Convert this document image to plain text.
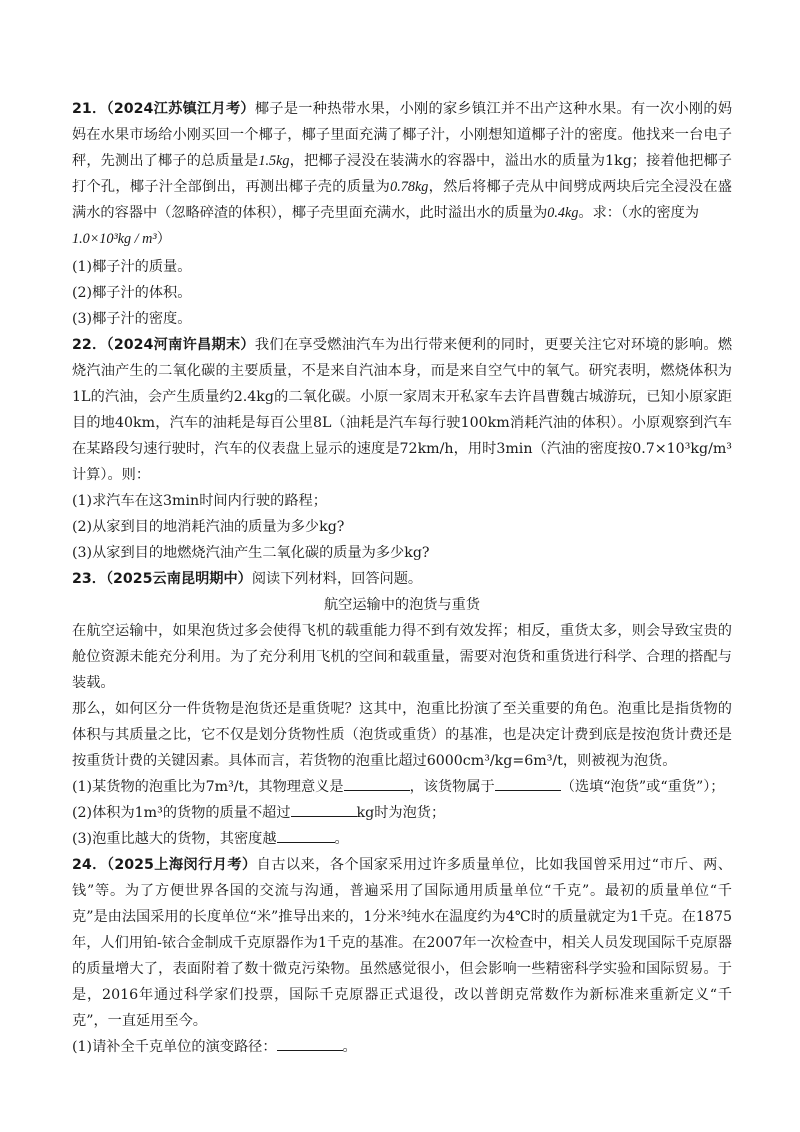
21．（2024江苏镇江月考）椰子是一种热带水果，小刚的家乡镇江并不出产这种水果。有一次小刚的妈妈在水果市场给小刚买回一个椰子，椰子里面充满了椰子汁，小刚想知道椰子汁的密度。他找来一台电子秤，先测出了椰子的总质量是1.5kg，把椰子浸没在装满水的容器中，溢出水的质量为1kg；接着他把椰子打个孔，椰子汁全部倒出，再测出椰子壳的质量为0.78kg，然后将椰子壳从中间劈成两块后完全浸没在盛满水的容器中（忽略碎渣的体积），椰子壳里面充满水，此时溢出水的质量为0.4kg。求：（水的密度为
1.0×10³kg / m³）

(1)椰子汁的质量。

(2)椰子汁的体积。

(3)椰子汁的密度。

22．（2024河南许昌期末）我们在享受燃油汽车为出行带来便利的同时，更要关注它对环境的影响。燃烧汽油产生的二氧化碳的主要质量，不是来自汽油本身，而是来自空气中的氧气。研究表明，燃烧体积为1L的汽油，会产生质量约2.4kg的二氧化碳。小原一家周末开私家车去许昌曹魏古城游玩，已知小原家距目的地40km，汽车的油耗是每百公里8L（油耗是汽车每行驶100km消耗汽油的体积）。小原观察到汽车在某路段匀速行驶时，汽车的仪表盘上显示的速度是72km/h，用时3min（汽油的密度按0.7×10³kg/m³计算）。则：

(1)求汽车在这3min时间内行驶的路程；

(2)从家到目的地消耗汽油的质量为多少kg?

(3)从家到目的地燃烧汽油产生二氧化碳的质量为多少kg?

23．（2025云南昆明期中）阅读下列材料，回答问题。

航空运输中的泡货与重货

在航空运输中，如果泡货过多会使得飞机的载重能力得不到有效发挥；相反，重货太多，则会导致宝贵的舱位资源未能充分利用。为了充分利用飞机的空间和载重量，需要对泡货和重货进行科学、合理的搭配与装载。

那么，如何区分一件货物是泡货还是重货呢？这其中，泡重比扮演了至关重要的角色。泡重比是指货物的体积与其质量之比，它不仅是划分货物性质（泡货或重货）的基准，也是决定计费到底是按泡货计费还是按重货计费的关键因素。具体而言，若货物的泡重比超过6000cm³/kg=6m³/t，则被视为泡货。

(1)某货物的泡重比为7m³/t，其物理意义是	，该货物属于	（选填“泡货”或“重货”）；

(2)体积为1m³的货物的质量不超过	kg时为泡货；

(3)泡重比越大的货物，其密度越	。

24．（2025上海闵行月考）自古以来，各个国家采用过许多质量单位，比如我国曾采用过“市斤、两、钱”等。为了方便世界各国的交流与沟通，普遍采用了国际通用质量单位“千克”。最初的质量单位“千克”是由法国采用的长度单位“米”推导出来的，1分米³纯水在温度约为4℃时的质量就定为1千克。在1875年，人们用铂-铱合金制成千克原器作为1千克的基准。在2007年一次检查中，相关人员发现国际千克原器的质量增大了，表面附着了数十微克污染物。虽然感觉很小，但会影响一些精密科学实验和国际贸易。于是，2016年通过科学家们投票，国际千克原器正式退役，改以普朗克常数作为新标准来重新定义“千克”，一直延用至今。

(1)请补全千克单位的演变路径：	。
